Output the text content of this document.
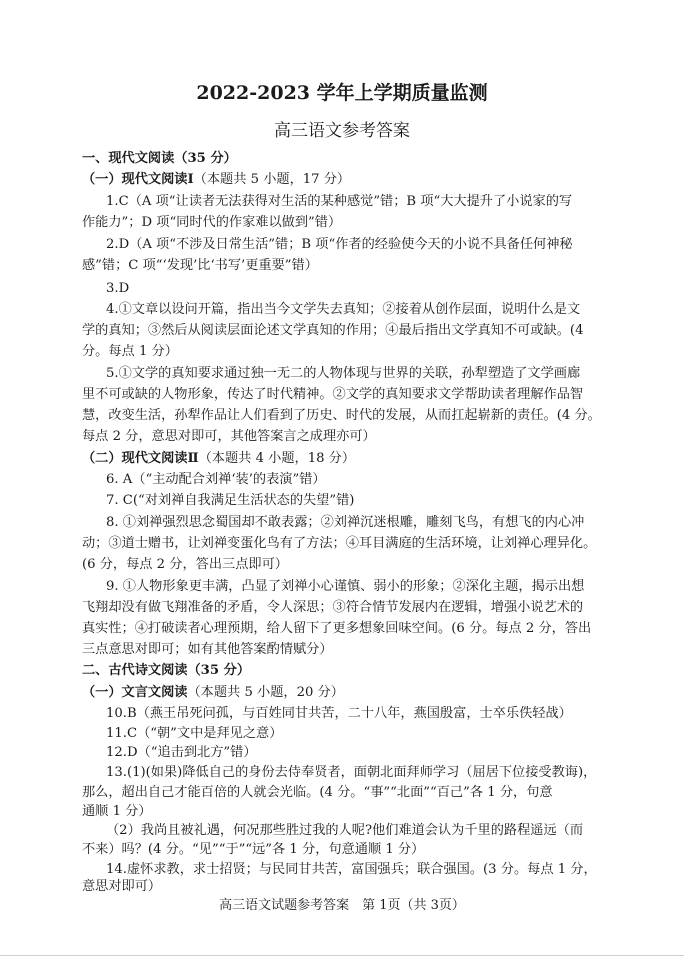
2022-2023 学年上学期质量监测
高三语文参考答案
一、现代文阅读（35 分）
（一）现代文阅读Ⅰ（本题共 5 小题，17 分）
1.C（A 项“让读者无法获得对生活的某种感觉”错；B 项“大大提升了小说家的写
作能力”；D 项“同时代的作家难以做到”错）
2.D（A 项“不涉及日常生活”错；B 项“作者的经验使今天的小说不具备任何神秘
感”错；C 项“‘发现’比‘书写’更重要”错）
3.D
4.①文章以设问开篇，指出当今文学失去真知；②接着从创作层面，说明什么是文
学的真知；③然后从阅读层面论述文学真知的作用；④最后指出文学真知不可或缺。(4
分。每点 1 分）
5.①文学的真知要求通过独一无二的人物体现与世界的关联，孙犁塑造了文学画廊
里不可或缺的人物形象，传达了时代精神。②文学的真知要求文学帮助读者理解作品智
慧，改变生活，孙犁作品让人们看到了历史、时代的发展，从而扛起崭新的责任。(4 分。
每点 2 分，意思对即可，其他答案言之成理亦可）
（二）现代文阅读Ⅱ（本题共 4 小题，18 分）
6. A（“主动配合刘禅‘装’的表演”错）
7. C(“对刘禅自我满足生活状态的失望”错)
8. ①刘禅强烈思念蜀国却不敢表露；②刘禅沉迷根雕，雕刻飞鸟，有想飞的内心冲
动；③道士赠书，让刘禅变蛋化鸟有了方法；④耳目满庭的生活环境，让刘禅心理异化。
(6 分，每点 2 分，答出三点即可）
9. ①人物形象更丰满，凸显了刘禅小心谨慎、弱小的形象；②深化主题，揭示出想
飞翔却没有做飞翔准备的矛盾，令人深思；③符合情节发展内在逻辑，增强小说艺术的
真实性；④打破读者心理预期，给人留下了更多想象回味空间。(6 分。每点 2 分，答出
三点意思对即可；如有其他答案酌情赋分）
二、古代诗文阅读（35 分）
（一）文言文阅读（本题共 5 小题，20 分）
10.B（燕王吊死问孤，与百姓同甘共苦，二十八年，燕国殷富，士卒乐佚轻战）
11.C（“朝”文中是拜见之意）
12.D（“追击到北方”错）
13.(1)(如果)降低自己的身份去侍奉贤者，面朝北面拜师学习（屈居下位接受教诲)，
那么，超出自己才能百倍的人就会光临。(4 分。“事”“北面”“百己”各 1 分，句意
通顺 1 分）
（2）我尚且被礼遇，何况那些胜过我的人呢?他们难道会认为千里的路程遥远（而
不来）吗？(4 分。“见”“于”“远”各 1 分，句意通顺 1 分）
14.虚怀求教，求士招贤；与民同甘共苦，富国强兵；联合强国。(3 分。每点 1 分，
意思对即可）
高三语文试题参考答案　第 1页（共 3页）
